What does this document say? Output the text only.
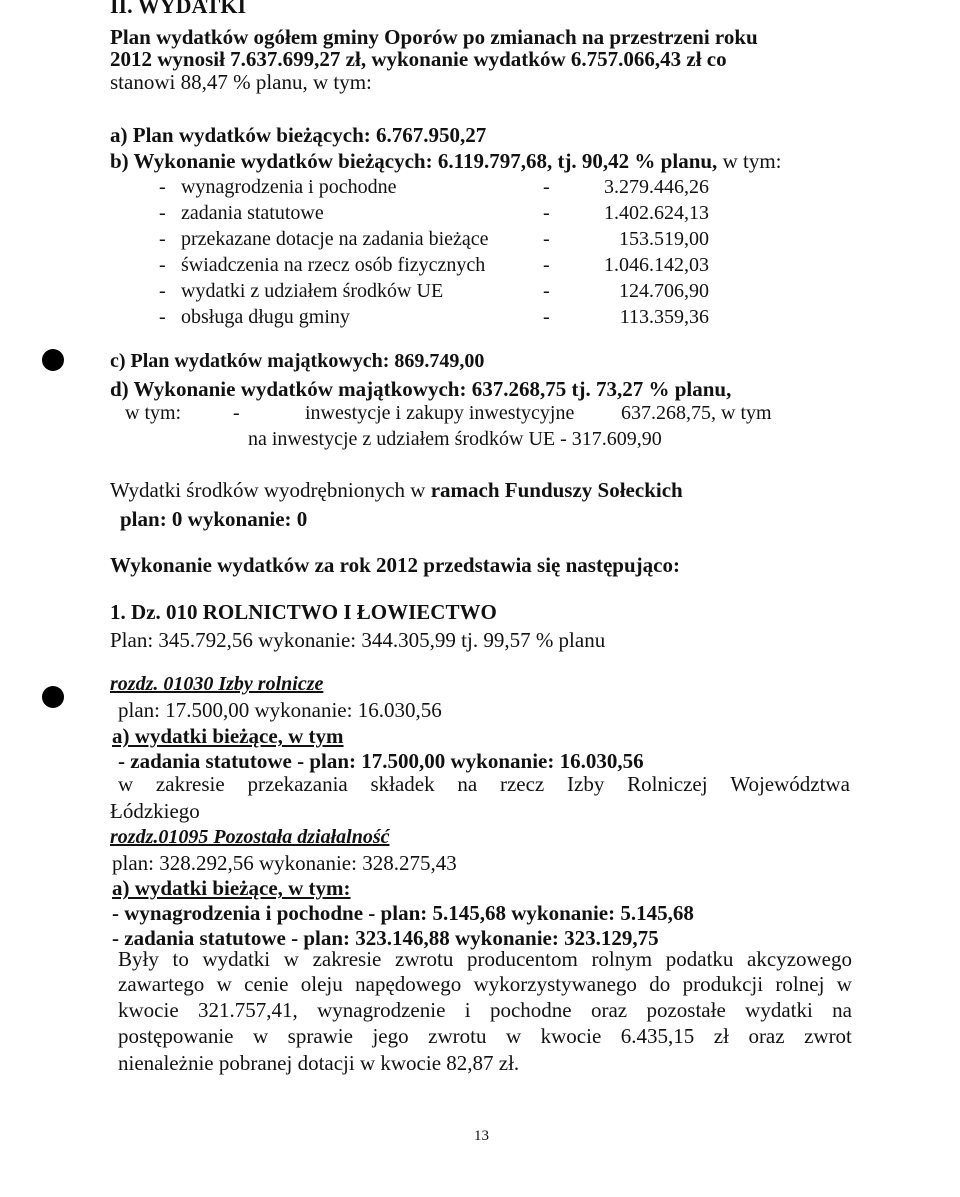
II. WYDATKI
Plan wydatków ogółem gminy Oporów po zmianach na przestrzeni roku
2012 wynosił 7.637.699,27 zł, wykonanie wydatków 6.757.066,43 zł co
stanowi 88,47 % planu, w tym:
a) Plan wydatków bieżących: 6.767.950,27
b) Wykonanie wydatków bieżących: 6.119.797,68, tj. 90,42 % planu, w tym:
- wynagrodzenia i pochodne	-	3.279.446,26
- zadania statutowe	-	1.402.624,13
- przekazane dotacje na zadania bieżące	-	153.519,00
- świadczenia na rzecz osób fizycznych	-	1.046.142,03
- wydatki z udziałem środków UE	-	124.706,90
- obsługa długu gminy	-	113.359,36
c) Plan wydatków majątkowych: 869.749,00
d) Wykonanie wydatków majątkowych: 637.268,75 tj. 73,27 % planu,
w tym:	-	inwestycje i zakupy inwestycyjne 637.268,75, w tym
na inwestycje z udziałem środków UE - 317.609,90
Wydatki środków wyodrębnionych w ramach Funduszy Sołeckich
plan: 0 wykonanie: 0
Wykonanie wydatków za rok 2012 przedstawia się następująco:
1. Dz. 010 ROLNICTWO I ŁOWIECTWO
Plan: 345.792,56 wykonanie: 344.305,99 tj. 99,57 % planu
rozdz. 01030 Izby rolnicze
plan: 17.500,00 wykonanie: 16.030,56
a) wydatki bieżące, w tym
- zadania statutowe - plan: 17.500,00 wykonanie: 16.030,56
w zakresie przekazania składek na rzecz Izby Rolniczej Województwa
Łódzkiego
rozdz.01095 Pozostała działalność
plan: 328.292,56 wykonanie: 328.275,43
a) wydatki bieżące, w tym:
- wynagrodzenia i pochodne - plan: 5.145,68 wykonanie: 5.145,68
- zadania statutowe - plan: 323.146,88 wykonanie: 323.129,75
Były to wydatki w zakresie zwrotu producentom rolnym podatku akcyzowego
zawartego w cenie oleju napędowego wykorzystywanego do produkcji rolnej w
kwocie 321.757,41, wynagrodzenie i pochodne oraz pozostałe wydatki na
postępowanie w sprawie jego zwrotu w kwocie 6.435,15 zł oraz zwrot
nienależnie pobranej dotacji w kwocie 82,87 zł.
13
